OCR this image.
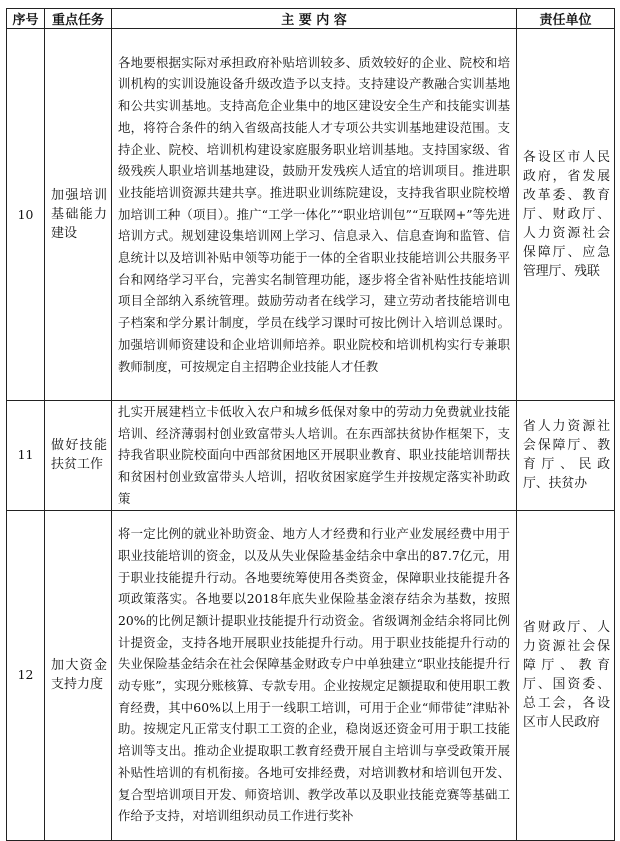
序号	重点任务	主 要 内 容	责任单位
10	加强培训基础能力建设	各地要根据实际对承担政府补贴培训较多、质效较好的企业、院校和培训机构的实训设施设备升级改造予以支持。支持建设产教融合实训基地和公共实训基地。支持高危企业集中的地区建设安全生产和技能实训基地，将符合条件的纳入省级高技能人才专项公共实训基地建设范围。支持企业、院校、培训机构建设家庭服务职业培训基地。支持国家级、省级残疾人职业培训基地建设，鼓励开发残疾人适宜的培训项目。推进职业技能培训资源共建共享。推进职业训练院建设，支持我省职业院校增加培训工种（项目）。推广“工学一体化”“职业培训包”“互联网+”等先进培训方式。规划建设集培训网上学习、信息录入、信息查询和监管、信息统计以及培训补贴申领等功能于一体的全省职业技能培训公共服务平台和网络学习平台，完善实名制管理功能，逐步将全省补贴性技能培训项目全部纳入系统管理。鼓励劳动者在线学习，建立劳动者技能培训电子档案和学分累计制度，学员在线学习课时可按比例计入培训总课时。加强培训师资建设和企业培训师培养。职业院校和培训机构实行专兼职教师制度，可按规定自主招聘企业技能人才任教	各设区市人民政府，省发展改革委、教育厅、财政厅、人力资源社会保障厅、应急管理厅、残联
11	做好技能扶贫工作	扎实开展建档立卡低收入农户和城乡低保对象中的劳动力免费就业技能培训、经济薄弱村创业致富带头人培训。在东西部扶贫协作框架下，支持我省职业院校面向中西部贫困地区开展职业教育、职业技能培训帮扶和贫困村创业致富带头人培训，招收贫困家庭学生并按规定落实补助政策	省人力资源社会保障厅、教育厅、民政厅、扶贫办
12	加大资金支持力度	将一定比例的就业补助资金、地方人才经费和行业产业发展经费中用于职业技能培训的资金，以及从失业保险基金结余中拿出的87.7亿元，用于职业技能提升行动。各地要统筹使用各类资金，保障职业技能提升各项政策落实。各地要以2018年底失业保险基金滚存结余为基数，按照20%的比例足额计提职业技能提升行动资金。省级调剂金结余将同比例计提资金，支持各地开展职业技能提升行动。用于职业技能提升行动的失业保险基金结余在社会保障基金财政专户中单独建立“职业技能提升行动专账”，实现分账核算、专款专用。企业按规定足额提取和使用职工教育经费，其中60%以上用于一线职工培训，可用于企业“师带徒”津贴补助。按规定凡正常支付职工工资的企业，稳岗返还资金可用于职工技能培训等支出。推动企业提取职工教育经费开展自主培训与享受政策开展补贴性培训的有机衔接。各地可安排经费，对培训教材和培训包开发、复合型培训项目开发、师资培训、教学改革以及职业技能竞赛等基础工作给予支持，对培训组织动员工作进行奖补	省财政厅、人力资源社会保障厅、教育厅、国资委、总工会，各设区市人民政府
